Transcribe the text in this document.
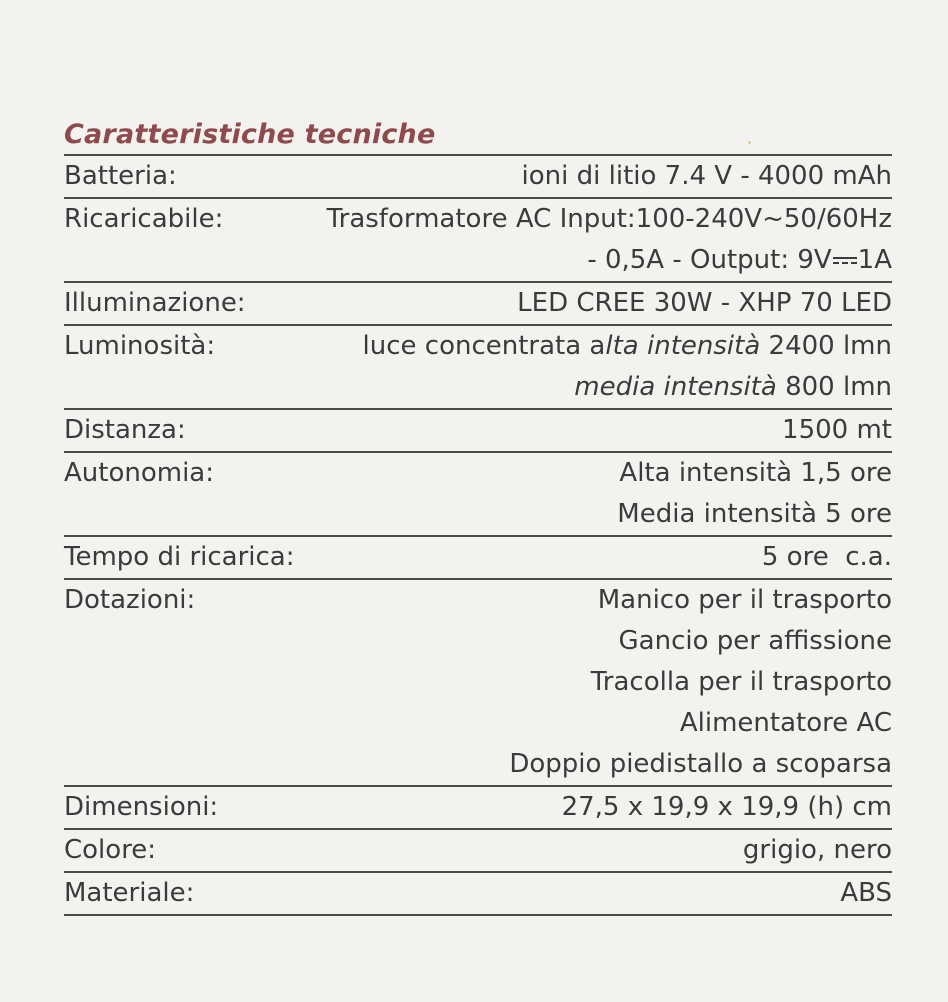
Caratteristiche tecniche
Batteria:	ioni di litio 7.4 V - 4000 mAh
Ricaricabile:	Trasformatore AC Input:100-240V~50/60Hz
- 0,5A - Output: 9V 1A
Illuminazione:	LED CREE 30W - XHP 70 LED
Luminosità:	luce concentrata alta intensità 2400 lmn
media intensità 800 lmn
Distanza:	1500 mt
Autonomia:	Alta intensità 1,5 ore
Media intensità 5 ore
Tempo di ricarica:	5 ore  c.a.
Dotazioni:	Manico per il trasporto
Gancio per affissione
Tracolla per il trasporto
Alimentatore AC
Doppio piedistallo a scoparsa
Dimensioni:	27,5 x 19,9 x 19,9 (h) cm
Colore:	grigio, nero
Materiale:	ABS
